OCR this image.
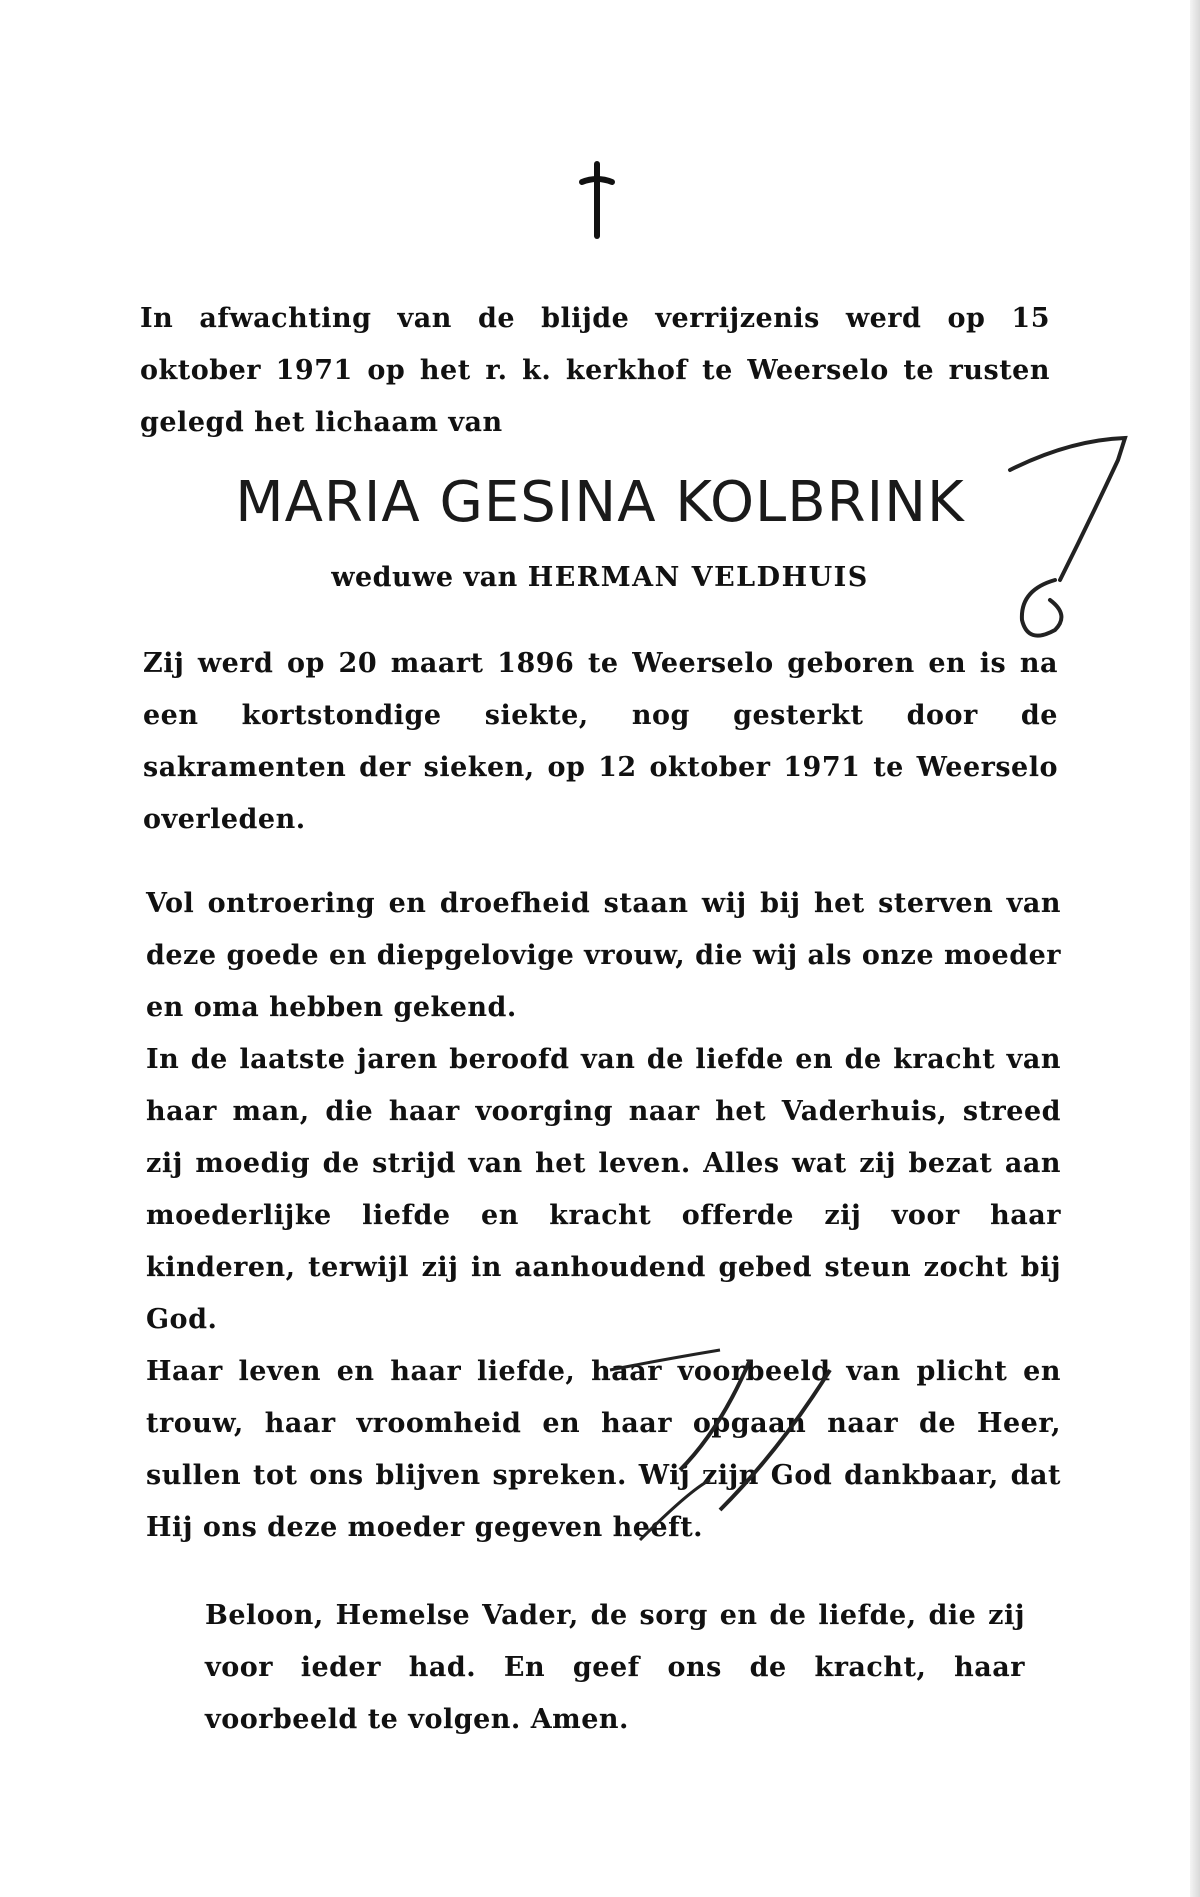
In afwachting van de blijde verrijzenis werd op 15 oktober 1971 op het r. k. kerkhof te Weerselo te rusten gelegd het lichaam van

MARIA GESINA KOLBRINK

weduwe van HERMAN VELDHUIS

Zij werd op 20 maart 1896 te Weerselo geboren en is na een kortstondige siekte, nog gesterkt door de sakramenten der sieken, op 12 oktober 1971 te Weerselo overleden.

Vol ontroering en droefheid staan wij bij het sterven van deze goede en diepgelovige vrouw, die wij als onze moeder en oma hebben gekend.

In de laatste jaren beroofd van de liefde en de kracht van haar man, die haar voorging naar het Vaderhuis, streed zij moedig de strijd van het leven. Alles wat zij bezat aan moederlijke liefde en kracht offerde zij voor haar kinderen, terwijl zij in aanhoudend gebed steun zocht bij God.

Haar leven en haar liefde, haar voorbeeld van plicht en trouw, haar vroomheid en haar opgaan naar de Heer, sullen tot ons blijven spreken. Wij zijn God dankbaar, dat Hij ons deze moeder gegeven heeft.

Beloon, Hemelse Vader, de sorg en de liefde, die zij voor ieder had. En geef ons de kracht, haar voorbeeld te volgen. Amen.
